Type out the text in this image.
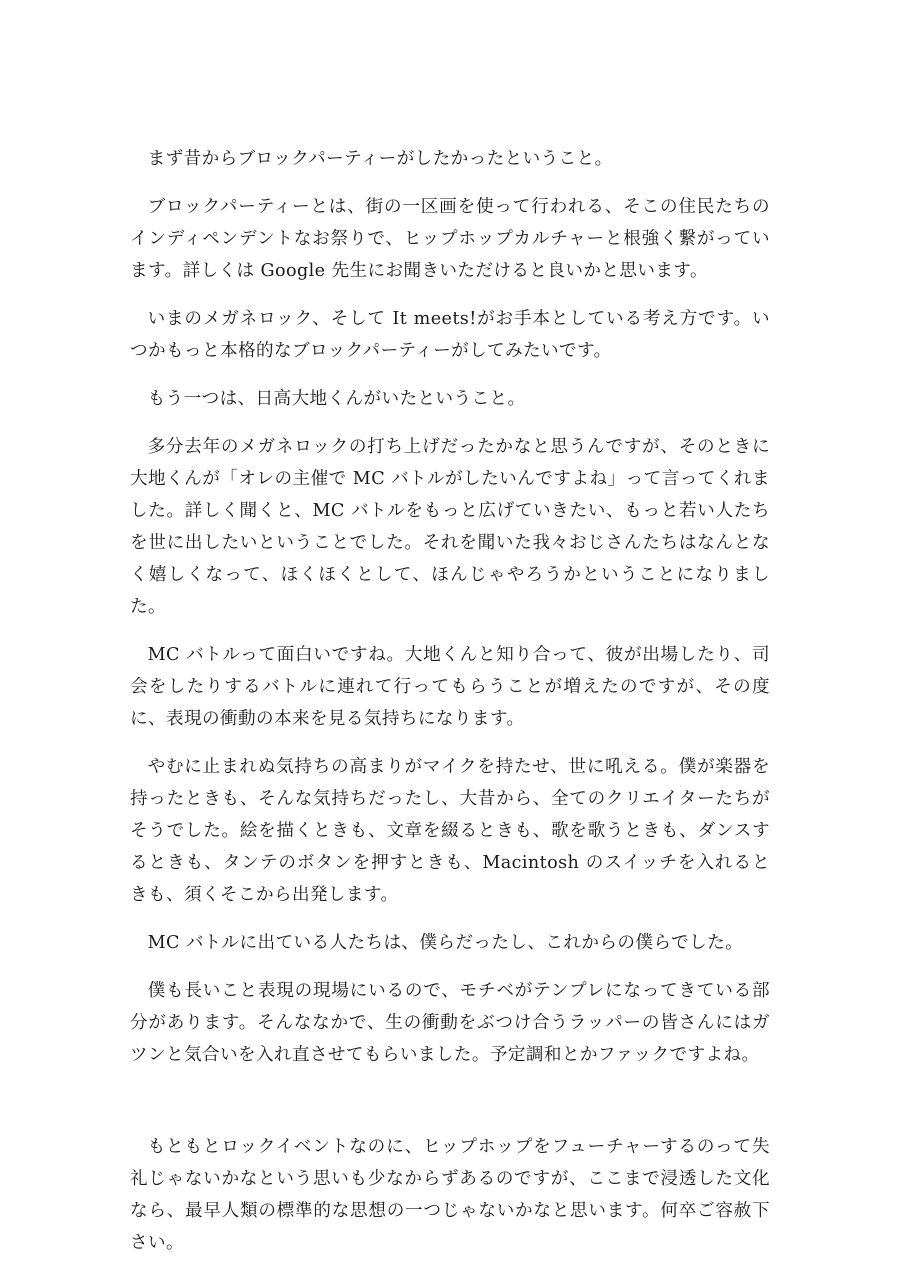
まず昔からブロックパーティーがしたかったということ。

ブロックパーティーとは、街の一区画を使って行われる、そこの住民たちのインディペンデントなお祭りで、ヒップホップカルチャーと根強く繋がっています。詳しくは Google 先生にお聞きいただけると良いかと思います。

いまのメガネロック、そして It meets!がお手本としている考え方です。いつかもっと本格的なブロックパーティーがしてみたいです。

もう一つは、日高大地くんがいたということ。

多分去年のメガネロックの打ち上げだったかなと思うんですが、そのときに大地くんが「オレの主催で MC バトルがしたいんですよね」って言ってくれました。詳しく聞くと、MC バトルをもっと広げていきたい、もっと若い人たちを世に出したいということでした。それを聞いた我々おじさんたちはなんとなく嬉しくなって、ほくほくとして、ほんじゃやろうかということになりました。

MC バトルって面白いですね。大地くんと知り合って、彼が出場したり、司会をしたりするバトルに連れて行ってもらうことが増えたのですが、その度に、表現の衝動の本来を見る気持ちになります。

やむに止まれぬ気持ちの高まりがマイクを持たせ、世に吼える。僕が楽器を持ったときも、そんな気持ちだったし、大昔から、全てのクリエイターたちがそうでした。絵を描くときも、文章を綴るときも、歌を歌うときも、ダンスするときも、タンテのボタンを押すときも、Macintosh のスイッチを入れるときも、須くそこから出発します。

MC バトルに出ている人たちは、僕らだったし、これからの僕らでした。

僕も長いこと表現の現場にいるので、モチベがテンプレになってきている部分があります。そんななかで、生の衝動をぶつけ合うラッパーの皆さんにはガツンと気合いを入れ直させてもらいました。予定調和とかファックですよね。

もともとロックイベントなのに、ヒップホップをフューチャーするのって失礼じゃないかなという思いも少なからずあるのですが、ここまで浸透した文化なら、最早人類の標準的な思想の一つじゃないかなと思います。何卒ご容赦下さい。
